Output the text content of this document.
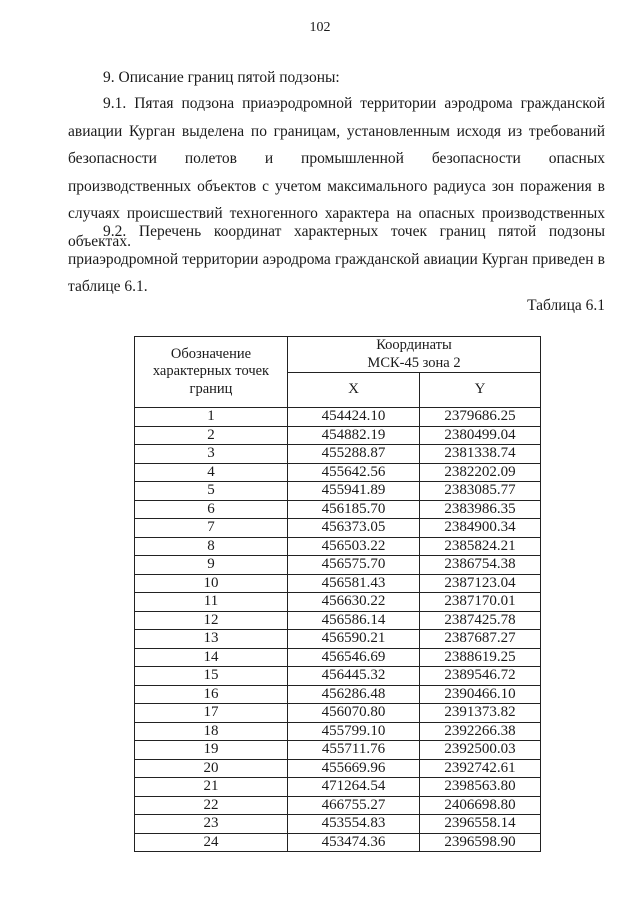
102
9. Описание границ пятой подзоны:
9.1. Пятая подзона приаэродромной территории аэродрома гражданской авиации Курган выделена по границам, установленным исходя из требований безопасности полетов и промышленной безопасности опасных производственных объектов с учетом максимального радиуса зон поражения в случаях происшествий техногенного характера на опасных производственных объектах.
9.2. Перечень координат характерных точек границ пятой подзоны приаэродромной территории аэродрома гражданской авиации Курган приведен в таблице 6.1.
Таблица 6.1
Обозначение характерных точек границ	Координаты
МСК-45 зона 2	

	X	Y
1	454424.10	2379686.25
2	454882.19	2380499.04
3	455288.87	2381338.74
4	455642.56	2382202.09
5	455941.89	2383085.77
6	456185.70	2383986.35
7	456373.05	2384900.34
8	456503.22	2385824.21
9	456575.70	2386754.38
10	456581.43	2387123.04
11	456630.22	2387170.01
12	456586.14	2387425.78
13	456590.21	2387687.27
14	456546.69	2388619.25
15	456445.32	2389546.72
16	456286.48	2390466.10
17	456070.80	2391373.82
18	455799.10	2392266.38
19	455711.76	2392500.03
20	455669.96	2392742.61
21	471264.54	2398563.80
22	466755.27	2406698.80
23	453554.83	2396558.14
24	453474.36	2396598.90
